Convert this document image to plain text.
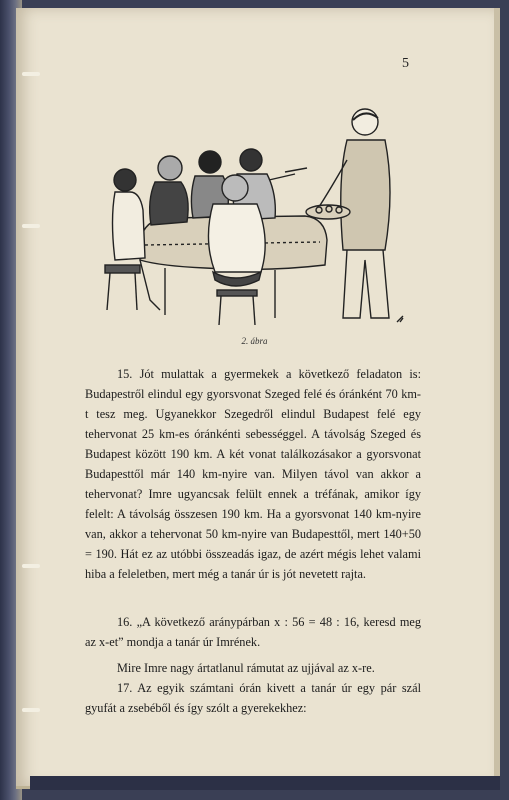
5
2. ábra

15. Jót mulattak a gyermekek a következő feladaton is: Budapestről elindul egy gyorsvonat Szeged felé és óránként 70 km-t tesz meg. Ugyanekkor Szegedről elindul Budapest felé egy tehervonat 25 km-es óránkénti sebességgel. A távolság Szeged és Budapest között 190 km. A két vonat találkozásakor a gyorsvonat Budapesttől már 140 km-nyire van. Milyen távol van akkor a tehervonat? Imre ugyancsak felült ennek a tréfának, amikor így felelt: A távolság összesen 190 km. Ha a gyorsvonat 140 km-nyire van, akkor a tehervonat 50 km-nyire van Budapesttől, mert 140+50 = 190. Hát ez az utóbbi összeadás igaz, de azért mégis lehet valami hiba a feleletben, mert még a tanár úr is jót nevetett rajta.

16. „A következő aránypárban x : 56 = 48 : 16, keresd meg az x-et” mondja a tanár úr Imrének.

Mire Imre nagy ártatlanul rámutat az ujjával az x-re.

17. Az egyik számtani órán kivett a tanár úr egy pár szál gyufát a zsebéből és így szólt a gyerekekhez:
